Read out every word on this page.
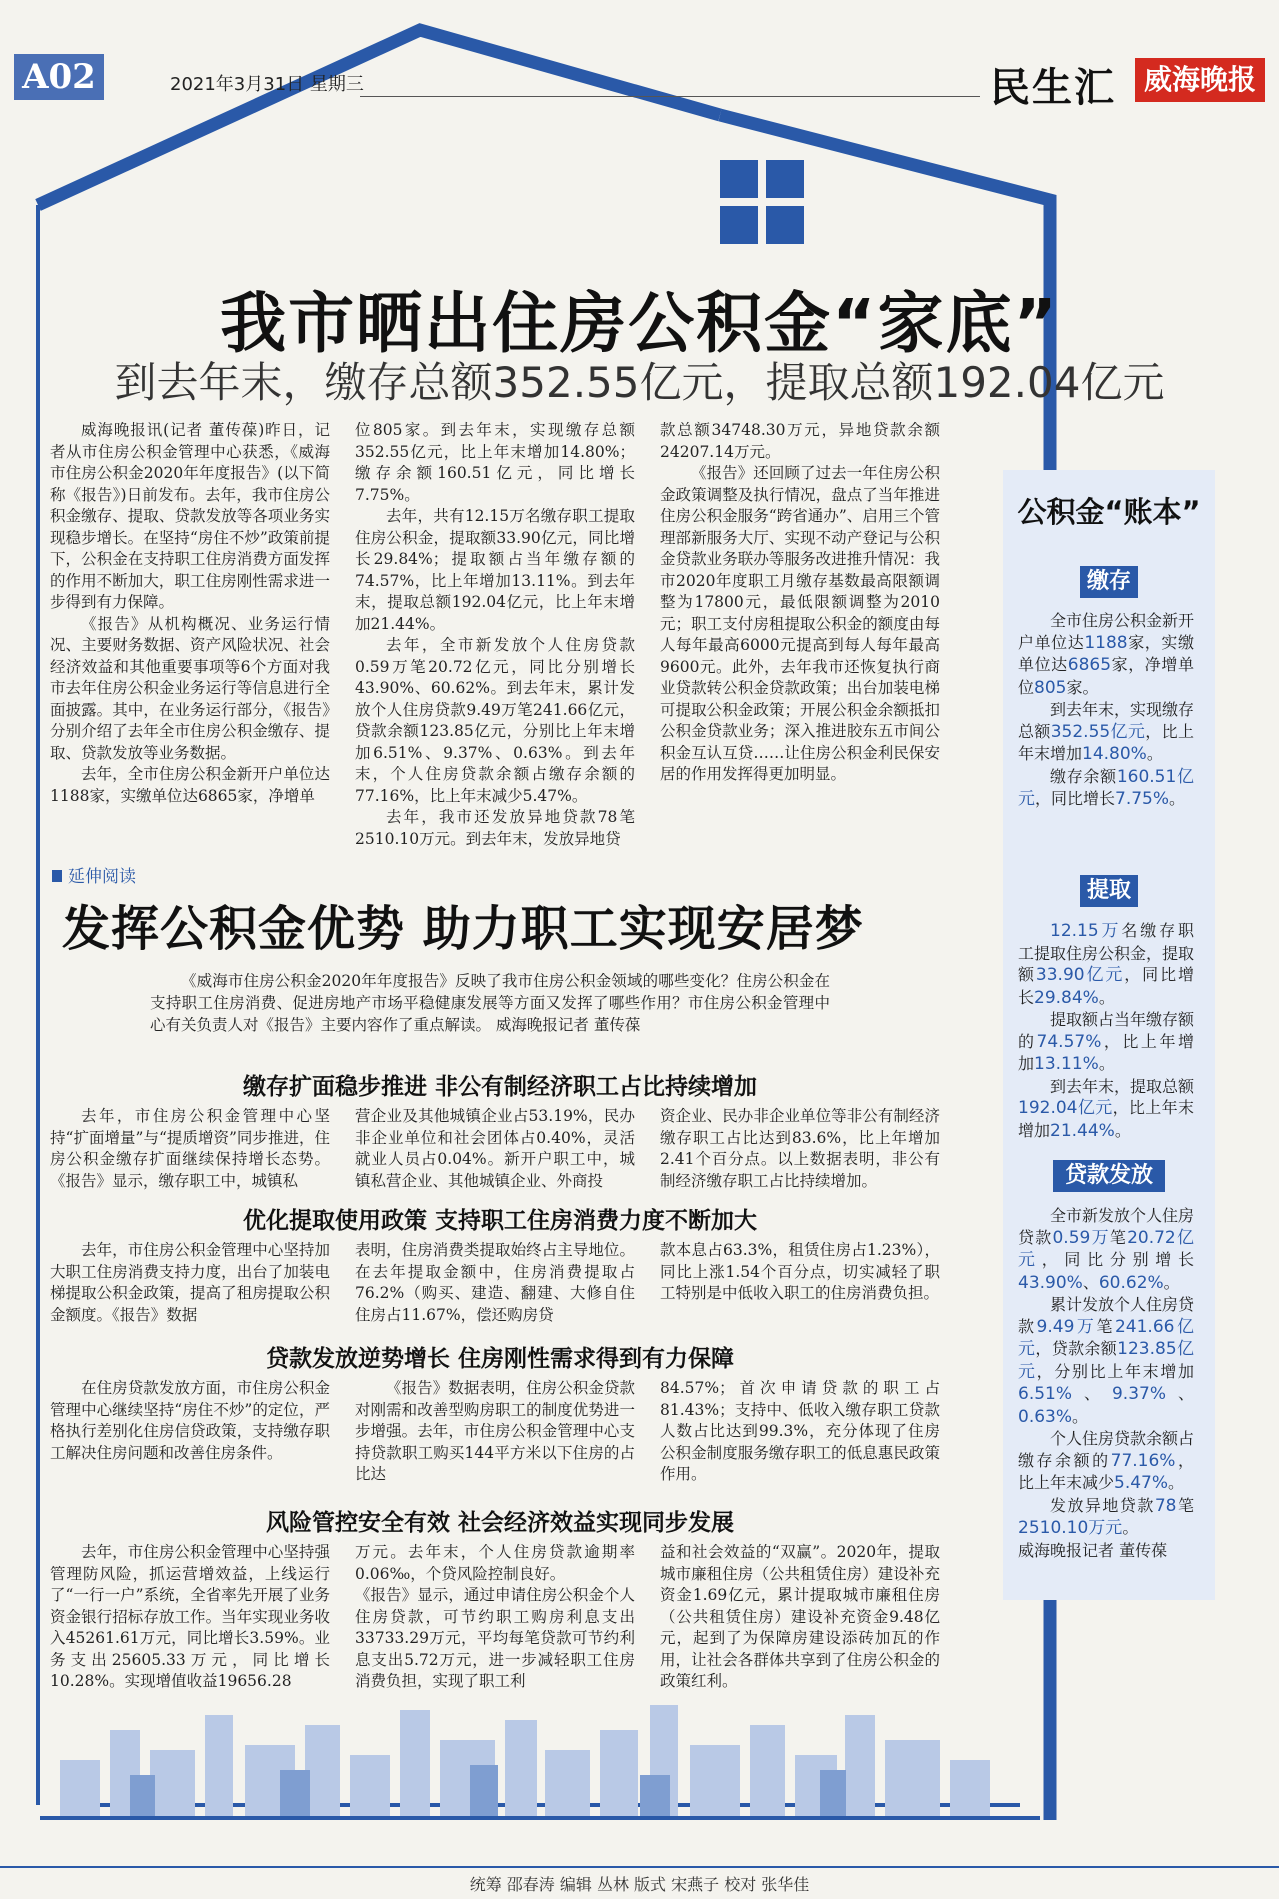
A02	2021年3月31日 星期三	民生汇 威海晚报
我市晒出住房公积金“家底”
到去年末，缴存总额352.55亿元，提取总额192.04亿元

威海晚报讯(记者 董传葆)昨日，记者从市住房公积金管理中心获悉，《威海市住房公积金2020年年度报告》(以下简称《报告》)日前发布。去年，我市住房公积金缴存、提取、贷款发放等各项业务实现稳步增长。在坚持“房住不炒”政策前提下，公积金在支持职工住房消费方面发挥的作用不断加大，职工住房刚性需求进一步得到有力保障。

《报告》从机构概况、业务运行情况、主要财务数据、资产风险状况、社会经济效益和其他重要事项等6个方面对我市去年住房公积金业务运行等信息进行全面披露。其中，在业务运行部分，《报告》分别介绍了去年全市住房公积金缴存、提取、贷款发放等业务数据。

去年，全市住房公积金新开户单位达1188家，实缴单位达6865家，净增单

位805家。到去年末，实现缴存总额352.55亿元，比上年末增加14.80%；缴存余额160.51亿元，同比增长7.75%。

去年，共有12.15万名缴存职工提取住房公积金，提取额33.90亿元，同比增长29.84%；提取额占当年缴存额的74.57%，比上年增加13.11%。到去年末，提取总额192.04亿元，比上年末增加21.44%。

去年，全市新发放个人住房贷款0.59万笔20.72亿元，同比分别增长43.90%、60.62%。到去年末，累计发放个人住房贷款9.49万笔241.66亿元，贷款余额123.85亿元，分别比上年末增加6.51%、9.37%、0.63%。到去年末，个人住房贷款余额占缴存余额的77.16%，比上年末减少5.47%。

去年，我市还发放异地贷款78笔2510.10万元。到去年末，发放异地贷

款总额34748.30万元，异地贷款余额24207.14万元。

《报告》还回顾了过去一年住房公积金政策调整及执行情况，盘点了当年推进住房公积金服务“跨省通办”、启用三个管理部新服务大厅、实现不动产登记与公积金贷款业务联办等服务改进推升情况：我市2020年度职工月缴存基数最高限额调整为17800元，最低限额调整为2010元；职工支付房租提取公积金的额度由每人每年最高6000元提高到每人每年最高9600元。此外，去年我市还恢复执行商业贷款转公积金贷款政策；出台加装电梯可提取公积金政策；开展公积金余额抵扣公积金贷款业务；深入推进胶东五市间公积金互认互贷……让住房公积金利民保安居的作用发挥得更加明显。

延伸阅读
发挥公积金优势 助力职工实现安居梦

《威海市住房公积金2020年年度报告》反映了我市住房公积金领域的哪些变化？住房公积金在支持职工住房消费、促进房地产市场平稳健康发展等方面又发挥了哪些作用？市住房公积金管理中心有关负责人对《报告》主要内容作了重点解读。 威海晚报记者 董传葆

缴存扩面稳步推进 非公有制经济职工占比持续增加

去年，市住房公积金管理中心坚持“扩面增量”与“提质增资”同步推进，住房公积金缴存扩面继续保持增长态势。《报告》显示，缴存职工中，城镇私

营企业及其他城镇企业占53.19%，民办非企业单位和社会团体占0.40%，灵活就业人员占0.04%。新开户职工中，城镇私营企业、其他城镇企业、外商投

资企业、民办非企业单位等非公有制经济缴存职工占比达到83.6%，比上年增加2.41个百分点。以上数据表明，非公有制经济缴存职工占比持续增加。

优化提取使用政策 支持职工住房消费力度不断加大

去年，市住房公积金管理中心坚持加大职工住房消费支持力度，出台了加装电梯提取公积金政策，提高了租房提取公积金额度。《报告》数据

表明，住房消费类提取始终占主导地位。在去年提取金额中，住房消费提取占76.2%（购买、建造、翻建、大修自住住房占11.67%，偿还购房贷

款本息占63.3%，租赁住房占1.23%），同比上涨1.54个百分点，切实减轻了职工特别是中低收入职工的住房消费负担。

贷款发放逆势增长 住房刚性需求得到有力保障

在住房贷款发放方面，市住房公积金管理中心继续坚持“房住不炒”的定位，严格执行差别化住房信贷政策，支持缴存职工解决住房问题和改善住房条件。

《报告》数据表明，住房公积金贷款对刚需和改善型购房职工的制度优势进一步增强。去年，市住房公积金管理中心支持贷款职工购买144平方米以下住房的占比达

84.57%；首次申请贷款的职工占81.43%；支持中、低收入缴存职工贷款人数占比达到99.3%，充分体现了住房公积金制度服务缴存职工的低息惠民政策作用。

风险管控安全有效 社会经济效益实现同步发展

去年，市住房公积金管理中心坚持强管理防风险，抓运营增效益，上线运行了“一行一户”系统，全省率先开展了业务资金银行招标存放工作。当年实现业务收入45261.61万元，同比增长3.59%。业务支出25605.33万元，同比增长10.28%。实现增值收益19656.28

万元。去年末，个人住房贷款逾期率0.06‰，个贷风险控制良好。
《报告》显示，通过申请住房公积金个人住房贷款，可节约职工购房利息支出33733.29万元，平均每笔贷款可节约利息支出5.72万元，进一步减轻职工住房消费负担，实现了职工利

益和社会效益的“双赢”。2020年，提取城市廉租住房（公共租赁住房）建设补充资金1.69亿元，累计提取城市廉租住房（公共租赁住房）建设补充资金9.48亿元，起到了为保障房建设添砖加瓦的作用，让社会各群体共享到了住房公积金的政策红利。

公积金“账本”
缴存

全市住房公积金新开户单位达1188家，实缴单位达6865家，净增单位805家。

到去年末，实现缴存总额352.55亿元，比上年末增加14.80%。

缴存余额160.51亿元，同比增长7.75%。

提取

12.15万名缴存职工提取住房公积金，提取额33.90亿元，同比增长29.84%。

提取额占当年缴存额的74.57%，比上年增加13.11%。

到去年末，提取总额192.04亿元，比上年末增加21.44%。

贷款发放

全市新发放个人住房贷款0.59万笔20.72亿元，同比分别增长43.90%、60.62%。

累计发放个人住房贷款9.49万笔241.66亿元，贷款余额123.85亿元，分别比上年末增加6.51%、9.37%、0.63%。

个人住房贷款余额占缴存余额的77.16%，比上年末减少5.47%。

发放异地贷款78笔2510.10万元。

威海晚报记者 董传葆

统筹 邵春涛 编辑 丛林 版式 宋燕子 校对 张华佳
